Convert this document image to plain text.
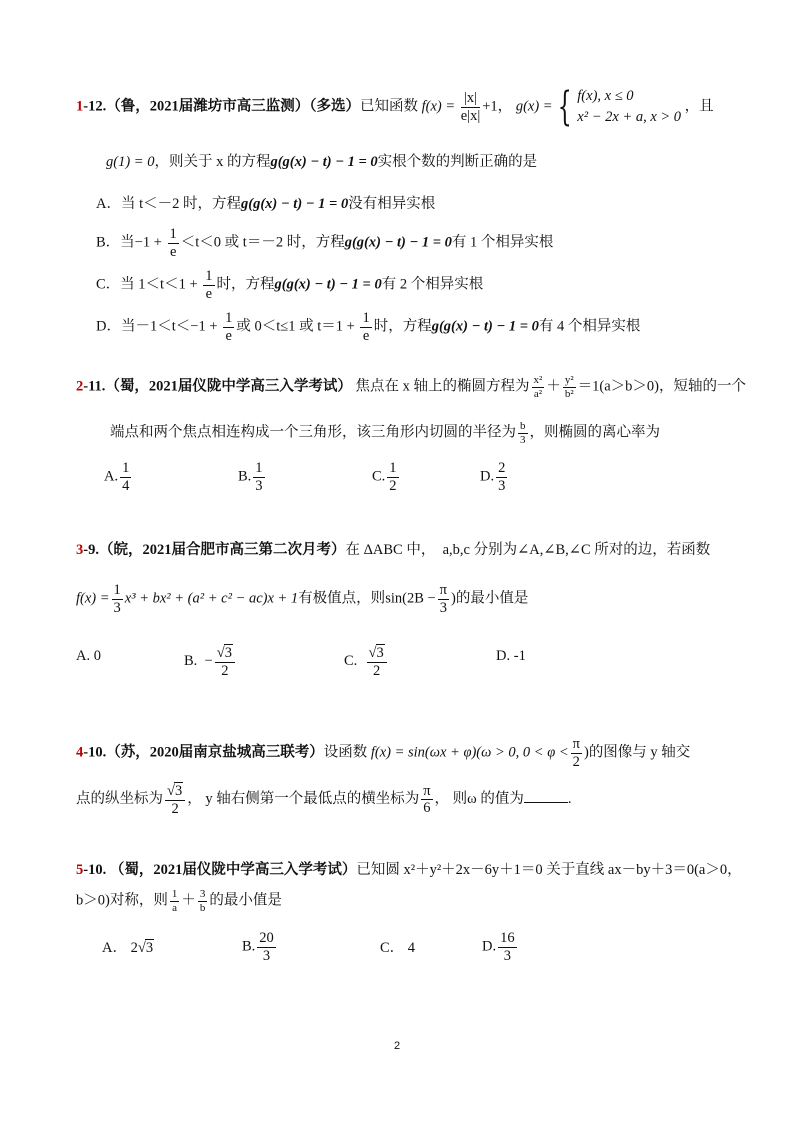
1-12.（鲁，2021届潍坊市高三监测）（多选）已知函数 $f(x) = \frac{|x|}{e|x|} +1$， g(x) = { f(x), x ≤ 0
x² − 2x + a, x > 0
，且
g(1) = 0，则关于 x 的方程g(g(x) − t) − 1 = 0实根个数的判断正确的是
A．当 t＜－2 时，方程g(g(x) − t) − 1 = 0没有相异实根
B．当$-1 + \frac{1}{e} <t<0$ 或 t＝－2 时，方程g(g(x) − t) − 1 = 0有 1 个相异实根
C．当 $1<t<1 + \frac{1}{e}$ 时，方程g(g(x) − t) − 1 = 0有 2 个相异实根
D．当$-1<t<-1 + \frac{1}{e}$ 或 0＜t≤1 或 $t=1 + \frac{1}{e}$ 时，方程g(g(x) − t) − 1 = 0有 4 个相异实根
2-11.（蜀，2021届仪陇中学高三入学考试） 焦点在 x 轴上的椭圆方程为 $\frac{\text{x²}}{\text{a²}} + \frac{\text{y²}}{\text{b²}} =1(a>b>0)$，短轴的一个
端点和两个焦点相连构成一个三角形，该三角形内切圆的半径为 $\frac{b}{3}$ ，则椭圆的离心率为
A. $\frac{1}{4}$	B. $\frac{1}{3}$	C. $\frac{1}{2}$	D. $\frac{2}{3}$
3-9.（皖，2021届合肥市高三第二次月考）在 ΔABC 中， a,b,c 分别为∠A,∠B,∠C 所对的边，若函数
$f(x) = \frac{1}{3} x^3 + bx^2 + (a^2 + c^2 - ac)x + 1$有极值点，则$\sin(2B - \frac{\pi}{3}$ )的最小值是
A. 0	B. − $\frac{√3}{2}$	C. $\frac{√3}{2}$	D. -1
4-10.（苏，2020届南京盐城高三联考）设函数 f(x) = sin(ωx + φ)(ω > 0, $0 < \varphi < \frac{\pi}{2}$ )的图像与 y 轴交
点的纵坐标为 $\frac{√3}{2}$ ， y 轴右侧第一个最低点的横坐标为 $\frac{\pi}{6}$ ， 则ω 的值为	.
5-10. （蜀，2021届仪陇中学高三入学考试）已知圆 x²＋y²＋2x－6y＋1＝0 关于直线 ax－by＋3＝0(a＞0，
b＞0)对称，则 $\frac{1}{a} + \frac{3}{b}$ 的最小值是
A． 2√3	B. $\frac{20}{3}$	C． 4	D. $\frac{16}{3}$
2
